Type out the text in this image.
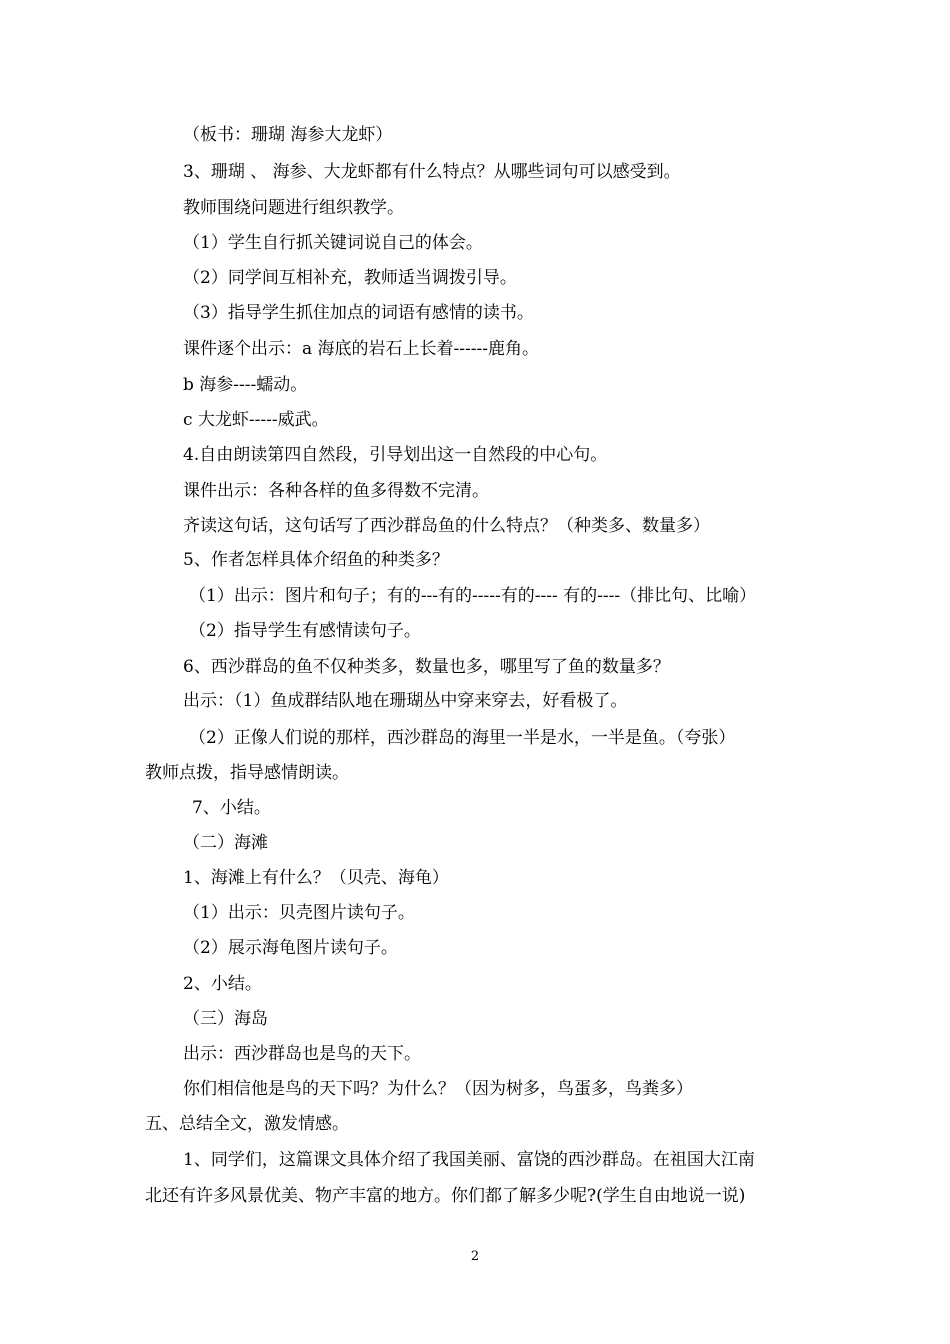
（板书：珊瑚 海参大龙虾）
3、珊瑚 、 海参、大龙虾都有什么特点？从哪些词句可以感受到。
教师围绕问题进行组织教学。
（1）学生自行抓关键词说自己的体会。
（2）同学间互相补充，教师适当调拨引导。
（3）指导学生抓住加点的词语有感情的读书。
课件逐个出示：a 海底的岩石上长着------鹿角。
b 海参----蠕动。
c 大龙虾-----威武。
4.自由朗读第四自然段，引导划出这一自然段的中心句。
课件出示：各种各样的鱼多得数不完清。
齐读这句话，这句话写了西沙群岛鱼的什么特点？（种类多、数量多）
5、作者怎样具体介绍鱼的种类多？
（1）出示：图片和句子；有的---有的-----有的---- 有的----（排比句、比喻）
（2）指导学生有感情读句子。
6、西沙群岛的鱼不仅种类多，数量也多，哪里写了鱼的数量多？
出示：（1）鱼成群结队地在珊瑚丛中穿来穿去，好看极了。
（2）正像人们说的那样，西沙群岛的海里一半是水，一半是鱼。（夸张）
教师点拨，指导感情朗读。
7、小结。
（二）海滩
1、海滩上有什么？（贝壳、海龟）
（1）出示：贝壳图片读句子。
（2）展示海龟图片读句子。
2、小结。
（三）海岛
出示：西沙群岛也是鸟的天下。
你们相信他是鸟的天下吗？为什么？（因为树多，鸟蛋多，鸟粪多）
五、总结全文，激发情感。
1、同学们，这篇课文具体介绍了我国美丽、富饶的西沙群岛。在祖国大江南
北还有许多风景优美、物产丰富的地方。你们都了解多少呢?(学生自由地说一说)
2
